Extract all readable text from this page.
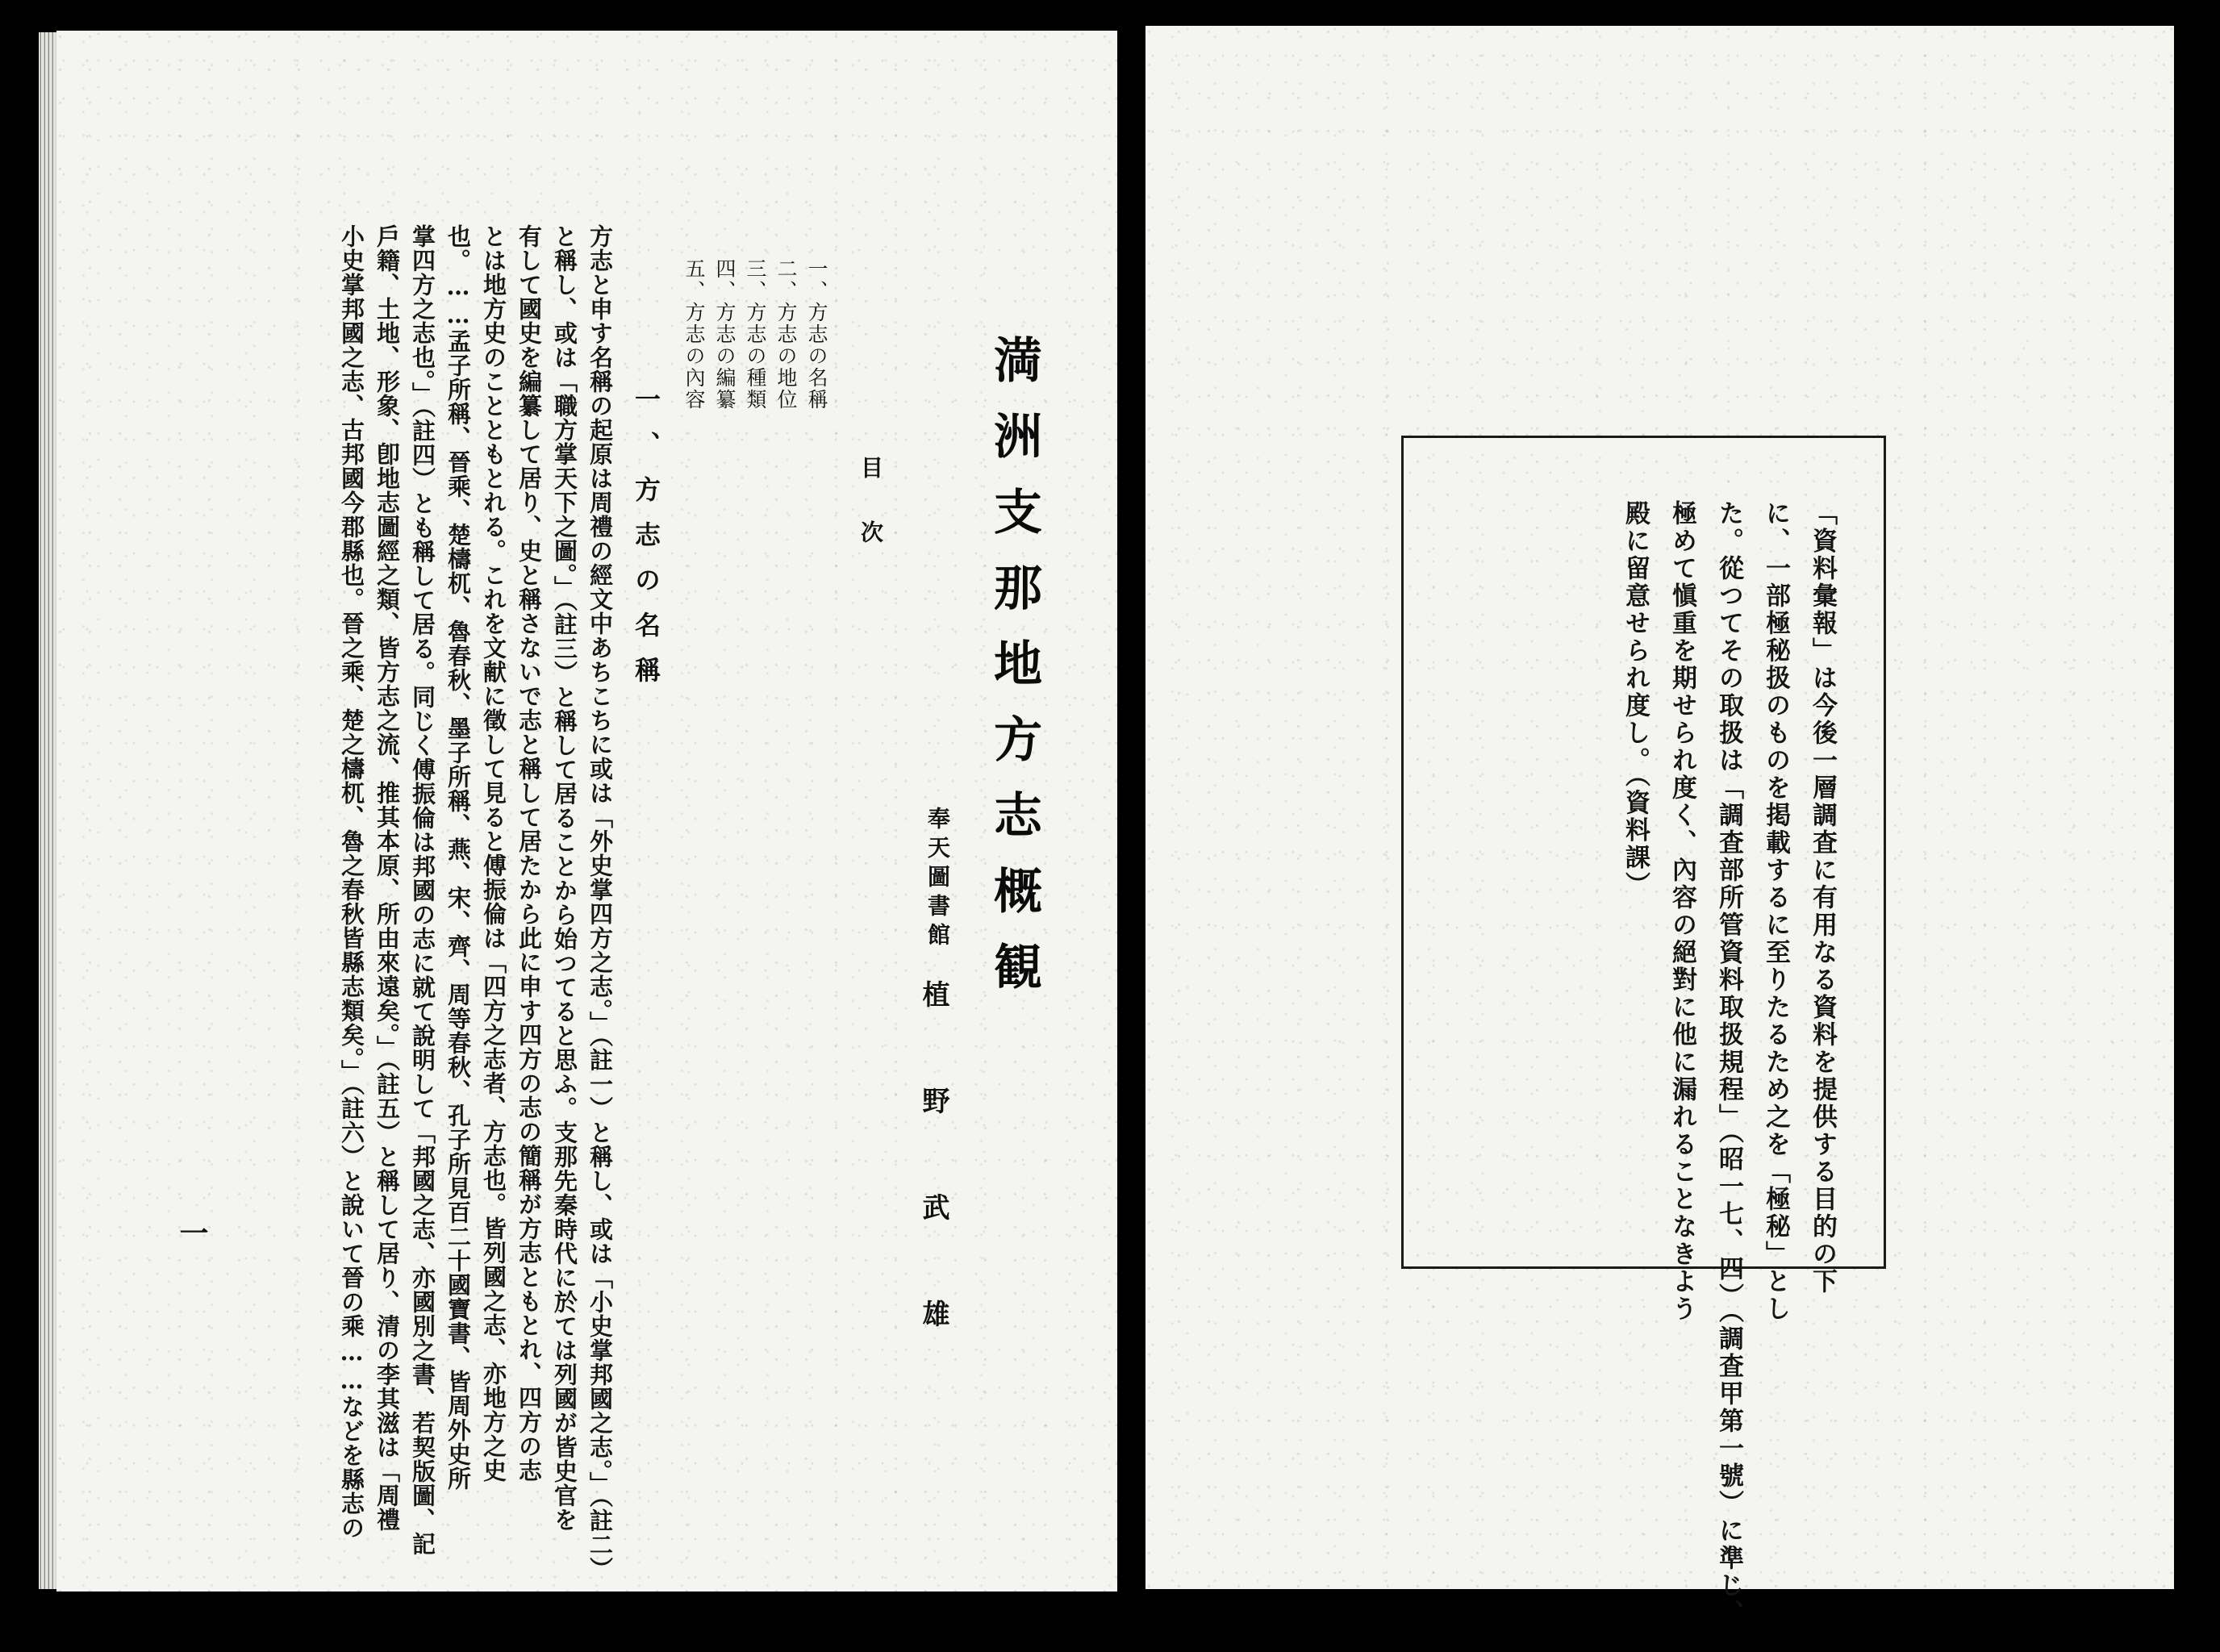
満洲支那地方志概観

奉天圖書館

植野武雄

目次

一、方志の名稱

二、方志の地位

三、方志の種類

四、方志の編纂

五、方志の內容

一、方志の名稱

方志と申す名稱の起原は周禮の經文中あちこちに或は「外史掌四方之志。」（註一）と稱し、或は「小史掌邦國之志。」（註二）

と稱し、或は「職方掌天下之圖。」（註三）と稱して居ることから始つてると思ふ。支那先秦時代に於ては列國が皆史官を

有して國史を編纂して居り、史と稱さないで志と稱して居たから此に申す四方の志の簡稱が方志ともとれ、四方の志

とは地方史のことともとれる。これを文献に徵して見ると傅振倫は「四方之志者、方志也。皆列國之志、亦地方之史

也。……孟子所稱、晉乘、楚檮杌、魯春秋、墨子所稱、燕、宋、齊、周等春秋、孔子所見百二十國寶書、皆周外史所

掌四方之志也。」（註四）とも稱して居る。同じく傅振倫は邦國の志に就て說明して「邦國之志、亦國別之書、若契版圖、記

戶籍、土地、形象、卽地志圖經之類、皆方志之流、推其本原、所由來遠矣。」（註五）と稱して居り、清の李其滋は「周禮

小史掌邦國之志、古邦國今郡縣也。晉之乘、楚之檮杌、魯之春秋皆縣志類矣。」（註六）と說いて晉の乘……などを縣志の

一	「資料彙報」は今後一層調査に有用なる資料を提供する目的の下

に、一部極秘扱のものを掲載するに至りたるため之を「極秘」とし

た。從つてその取扱は「調査部所管資料取扱規程」（昭一七、四）（調査甲第一號）に準じ、

極めて愼重を期せられ度く、內容の絕對に他に漏れることなきよう

殿に留意せられ度し。（資料課）
